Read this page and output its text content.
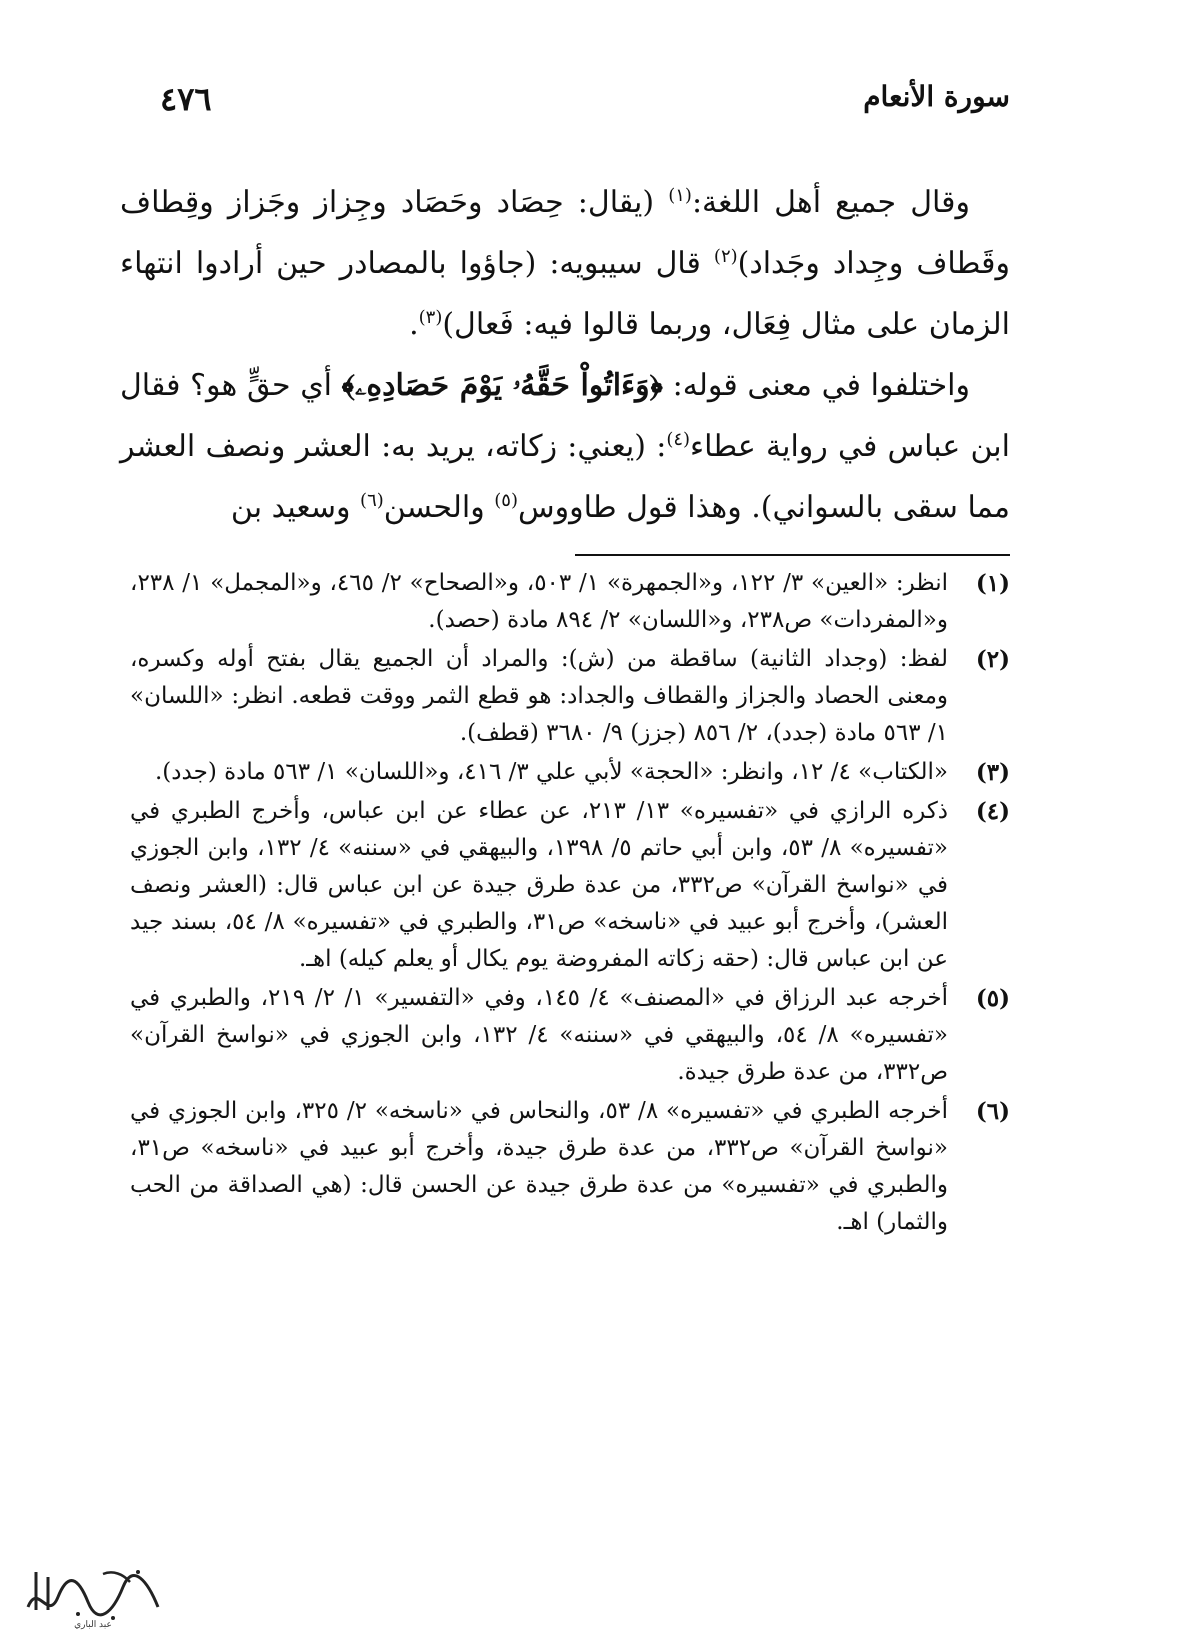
سورة الأنعام
٤٧٦

وقال جميع أهل اللغة:$^{(١)}$ (يقال: حِصَاد وحَصَاد وجِزاز وجَزاز وقِطاف وقَطاف وجِداد وجَداد)$^{(٢)}$ قال سيبويه: (جاؤوا بالمصادر حين أرادوا انتهاء الزمان على مثال فِعَال، وربما قالوا فيه: فَعال)$^{(٣)}$.

واختلفوا في معنى قوله: ﴿وَءَاتُواْ حَقَّهُۥ يَوْمَ حَصَادِهِۦ﴾ أي حقٍّ هو؟ فقال ابن عباس في رواية عطاء$^{(٤)}$: (يعني: زكاته، يريد به: العشر ونصف العشر مما سقى بالسواني). وهذا قول طاووس$^{(٥)}$ والحسن$^{(٦)}$ وسعيد بن

(١)
انظر: «العين» ٣/ ١٢٢، و«الجمهرة» ١/ ٥٠٣، و«الصحاح» ٢/ ٤٦٥، و«المجمل» ١/ ٢٣٨، و«المفردات» ص٢٣٨، و«اللسان» ٢/ ٨٩٤ مادة (حصد).
(٢)
لفظ: (وجداد الثانية) ساقطة من (ش): والمراد أن الجميع يقال بفتح أوله وكسره، ومعنى الحصاد والجزاز والقطاف والجداد: هو قطع الثمر ووقت قطعه. انظر: «اللسان» ١/ ٥٦٣ مادة (جدد)، ٢/ ٨٥٦ (جزز) ٩/ ٣٦٨٠ (قطف).
(٣)
«الكتاب» ٤/ ١٢، وانظر: «الحجة» لأبي علي ٣/ ٤١٦، و«اللسان» ١/ ٥٦٣ مادة (جدد).
(٤)
ذكره الرازي في «تفسيره» ١٣/ ٢١٣، عن عطاء عن ابن عباس، وأخرج الطبري في «تفسيره» ٨/ ٥٣، وابن أبي حاتم ٥/ ١٣٩٨، والبيهقي في «سننه» ٤/ ١٣٢، وابن الجوزي في «نواسخ القرآن» ص٣٣٢، من عدة طرق جيدة عن ابن عباس قال: (العشر ونصف العشر)، وأخرج أبو عبيد في «ناسخه» ص٣١، والطبري في «تفسيره» ٨/ ٥٤، بسند جيد عن ابن عباس قال: (حقه زكاته المفروضة يوم يكال أو يعلم كيله) اهـ.
(٥)
أخرجه عبد الرزاق في «المصنف» ٤/ ١٤٥، وفي «التفسير» ١/ ٢/ ٢١٩، والطبري في «تفسيره» ٨/ ٥٤، والبيهقي في «سننه» ٤/ ١٣٢، وابن الجوزي في «نواسخ القرآن» ص٣٣٢، من عدة طرق جيدة.
(٦)
أخرجه الطبري في «تفسيره» ٨/ ٥٣، والنحاس في «ناسخه» ٢/ ٣٢٥، وابن الجوزي في «نواسخ القرآن» ص٣٣٢، من عدة طرق جيدة، وأخرج أبو عبيد في «ناسخه» ص٣١، والطبري في «تفسيره» من عدة طرق جيدة عن الحسن قال: (هي الصداقة من الحب والثمار) اهـ.
عبد الباري
